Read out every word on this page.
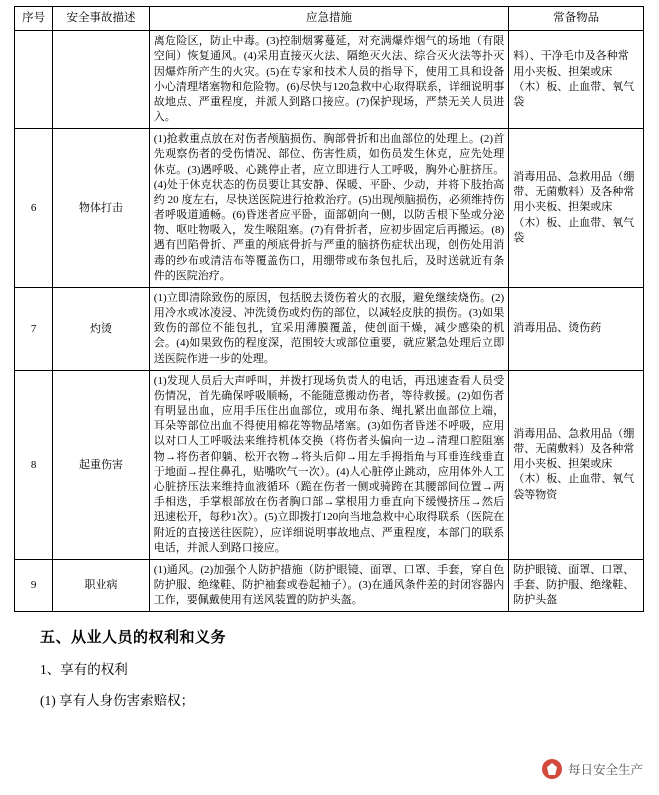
序号	安全事故描述	应急措施	常备物品
		离危险区，防止中毒。(3)控制烟雾蔓延，对充满爆炸烟气的场地（有限空间）恢复通风。(4)采用直接灭火法、隔绝灭火法、综合灭火法等扑灭因爆炸所产生的火灾。(5)在专家和技术人员的指导下，使用工具和设备小心清理堵塞物和危险物。(6)尽快与120急救中心取得联系，详细说明事故地点、严重程度，并派人到路口接应。(7)保护现场，严禁无关人员进入。	料）、干净毛巾及各种常用小夹板、担架或床（木）板、止血带、氧气袋
6	物体打击	(1)抢救重点放在对伤者颅脑损伤、胸部骨折和出血部位的处理上。(2)首先观察伤者的受伤情况、部位、伤害性质，如伤员发生休克，应先处理休克。(3)遇呼吸、心跳停止者，应立即进行人工呼吸，胸外心脏挤压。(4)处于休克状态的伤员要让其安静、保暖、平卧、少动，并将下肢抬高约 20 度左右，尽快送医院进行抢救治疗。(5)出现颅脑损伤，必须维持伤者呼吸道通畅。(6)昏迷者应平卧，面部朝向一侧，以防舌根下坠或分泌物、呕吐物吸入，发生喉阻塞。(7)有骨折者，应初步固定后再搬运。(8)遇有凹陷骨折、严重的颅底骨折与严重的脑挤伤症状出现，创伤处用消毒的纱布或清洁布等覆盖伤口，用绷带或布条包扎后，及时送就近有条件的医院治疗。	消毒用品、急救用品（绷带、无菌敷料）及各种常用小夹板、担架或床（木）板、止血带、氧气袋
7	灼烫	(1)立即清除致伤的原因，包括脱去烫伤着火的衣服，避免继续烧伤。(2)用冷水或冰凌浸、冲洗烫伤或灼伤的部位，以减轻皮肤的损伤。(3)如果致伤的部位不能包扎，宜采用薄膜覆盖，使创面干燥，减少感染的机会。(4)如果致伤的程度深，范围较大或部位重要，就应紧急处理后立即送医院作进一步的处理。	消毒用品、烫伤药
8	起重伤害	(1)发现人员后大声呼叫，并拨打现场负责人的电话，再迅速查看人员受伤情况，首先确保呼吸顺畅，不能随意搬动伤者，等待救援。(2)如伤者有明显出血，应用手压住出血部位，或用布条、绳扎紧出血部位上端，耳朵等部位出血不得使用棉花等物品堵塞。(3)如伤者昏迷不呼吸，应用以对口人工呼吸法来维持机体交换（将伤者头偏向一边→清理口腔阻塞物→将伤者仰躺、松开衣物→将头后仰→用左手拇指角与耳垂连线垂直于地面→捏住鼻孔，贴嘴吹气一次）。(4)人心脏停止跳动，应用体外人工心脏挤压法来维持血液循环（跪在伤者一侧或骑跨在其腰部间位置→两手相迭，手掌根部放在伤者胸口部→掌根用力垂直向下缓慢挤压→然后迅速松开，每秒1次）。(5)立即拨打120向当地急救中心取得联系（医院在附近的直接送往医院），应详细说明事故地点、严重程度，本部门的联系电话，并派人到路口接应。	消毒用品、急救用品（绷带、无菌敷料）及各种常用小夹板、担架或床（木）板、止血带、氧气袋等物资
9	职业病	(1)通风。(2)加强个人防护措施（防护眼镜、面罩、口罩、手套，穿自色防护服、绝缘鞋、防护袖套或卷起袖子）。(3)在通风条件差的封闭容器内工作，要佩戴使用有送风装置的防护头盔。	防护眼镜、面罩、口罩、手套、防护服、绝缘鞋、防护头盔
五、从业人员的权利和义务
1、享有的权利
(1) 享有人身伤害索赔权；
每日安全生产
